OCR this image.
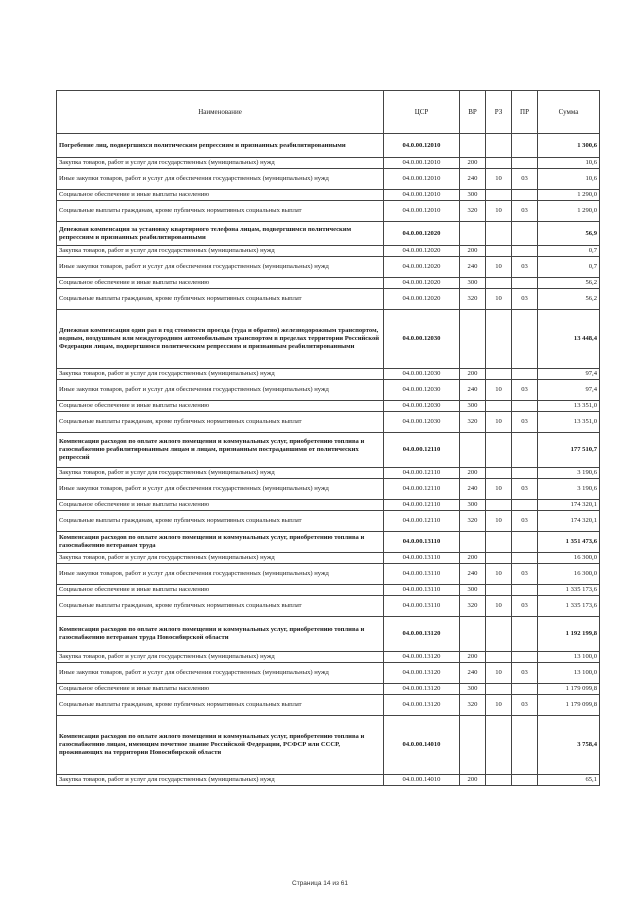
Наименование	ЦСР	ВР	РЗ	ПР	Сумма
Погребение лиц, подвергшихся политическим репрессиям и признанных реабилитированными	04.0.00.12010				1 300,6
Закупка товаров, работ и услуг для государственных (муниципальных) нужд	04.0.00.12010	200			10,6
Иные закупки товаров, работ и услуг для обеспечения государственных (муниципальных) нужд	04.0.00.12010	240	10	03	10,6
Социальное обеспечение и иные выплаты населению	04.0.00.12010	300			1 290,0
Социальные выплаты гражданам, кроме публичных нормативных социальных выплат	04.0.00.12010	320	10	03	1 290,0
Денежная компенсация за установку квартирного телефона лицам, подвергшимся политическим репрессиям и признанных реабилитированными	04.0.00.12020				56,9
Закупка товаров, работ и услуг для государственных (муниципальных) нужд	04.0.00.12020	200			0,7
Иные закупки товаров, работ и услуг для обеспечения государственных (муниципальных) нужд	04.0.00.12020	240	10	03	0,7
Социальное обеспечение и иные выплаты населению	04.0.00.12020	300			56,2
Социальные выплаты гражданам, кроме публичных нормативных социальных выплат	04.0.00.12020	320	10	03	56,2
Денежная компенсация один раз в год стоимости проезда (туда и обратно) железнодорожным транспортом, водным, воздушным или междугородним автомобильным транспортом в пределах территории Российской Федерации лицам, подвергшимся политическим репрессиям и признанным реабилитированными	04.0.00.12030				13 448,4
Закупка товаров, работ и услуг для государственных (муниципальных) нужд	04.0.00.12030	200			97,4
Иные закупки товаров, работ и услуг для обеспечения государственных (муниципальных) нужд	04.0.00.12030	240	10	03	97,4
Социальное обеспечение и иные выплаты населению	04.0.00.12030	300			13 351,0
Социальные выплаты гражданам, кроме публичных нормативных социальных выплат	04.0.00.12030	320	10	03	13 351,0
Компенсация расходов по оплате жилого помещения и коммунальных услуг, приобретению топлива и газоснабжению реабилитированным лицам и лицам, признанным пострадавшими от политических репрессий	04.0.00.12110				177 510,7
Закупка товаров, работ и услуг для государственных (муниципальных) нужд	04.0.00.12110	200			3 190,6
Иные закупки товаров, работ и услуг для обеспечения государственных (муниципальных) нужд	04.0.00.12110	240	10	03	3 190,6
Социальное обеспечение и иные выплаты населению	04.0.00.12110	300			174 320,1
Социальные выплаты гражданам, кроме публичных нормативных социальных выплат	04.0.00.12110	320	10	03	174 320,1
Компенсация расходов по оплате жилого помещения и коммунальных услуг, приобретению топлива и газоснабжению ветеранам труда	04.0.00.13110				1 351 473,6
Закупка товаров, работ и услуг для государственных (муниципальных) нужд	04.0.00.13110	200			16 300,0
Иные закупки товаров, работ и услуг для обеспечения государственных (муниципальных) нужд	04.0.00.13110	240	10	03	16 300,0
Социальное обеспечение и иные выплаты населению	04.0.00.13110	300			1 335 173,6
Социальные выплаты гражданам, кроме публичных нормативных социальных выплат	04.0.00.13110	320	10	03	1 335 173,6
Компенсация расходов по оплате жилого помещения и коммунальных услуг, приобретению топлива и газоснабжению ветеранам труда Новосибирской области	04.0.00.13120				1 192 199,8
Закупка товаров, работ и услуг для государственных (муниципальных) нужд	04.0.00.13120	200			13 100,0
Иные закупки товаров, работ и услуг для обеспечения государственных (муниципальных) нужд	04.0.00.13120	240	10	03	13 100,0
Социальное обеспечение и иные выплаты населению	04.0.00.13120	300			1 179 099,8
Социальные выплаты гражданам, кроме публичных нормативных социальных выплат	04.0.00.13120	320	10	03	1 179 099,8
Компенсация расходов по оплате жилого помещения и коммунальных услуг, приобретению топлива и газоснабжению лицам, имеющим почетное звание Российской Федерации, РСФСР или СССР, проживающих на территории Новосибирской области	04.0.00.14010				3 758,4
Закупка товаров, работ и услуг для государственных (муниципальных) нужд	04.0.00.14010	200			65,1
Страница 14 из 61
